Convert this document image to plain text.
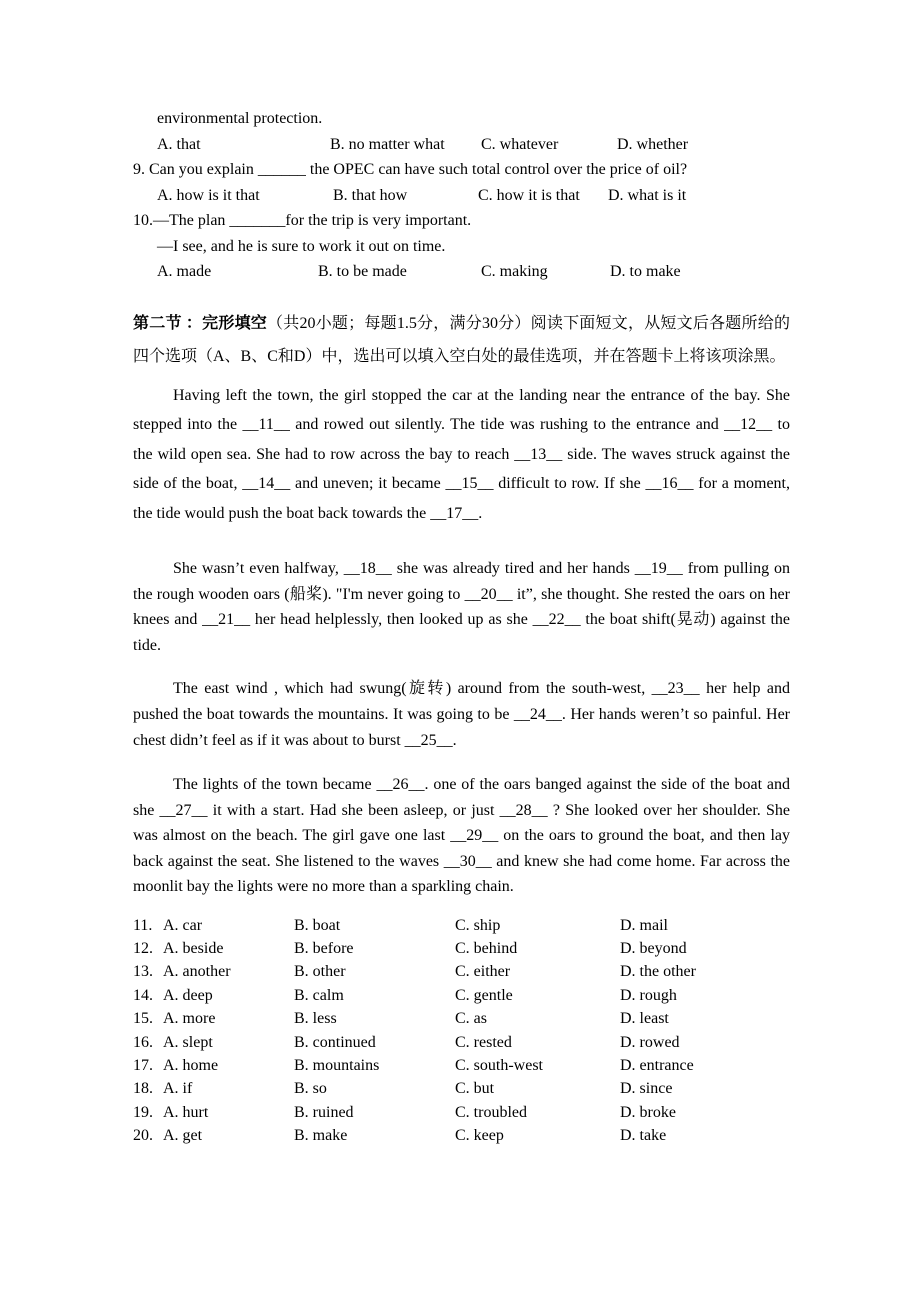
environmental protection.
A. that	B. no matter what	C. whatever	D. whether
9. Can you explain ______ the OPEC can have such total control over the price of oil?
A. how is it that	B. that how	C. how it is that	D. what is it
10.—The plan _______for the trip is very important.
—I see, and he is sure to work it out on time.
A. made	B. to be made	C. making	D. to make

第二节 ：完形填空（共20小题；每题1.5分，满分30分）阅读下面短文，从短文后各题所给的四个选项（A、B、C和D）中，选出可以填入空白处的最佳选项，并在答题卡上将该项涂黑。

Having left the town, the girl stopped the car at the landing near the entrance of the bay. She stepped into the __11__ and rowed out silently. The tide was rushing to the entrance and __12__ to the wild open sea. She had to row across the bay to reach __13__ side. The waves struck against the side of the boat, __14__ and uneven; it became __15__ difficult to row. If she __16__ for a moment, the tide would push the boat back towards the __17__.

She wasn’t even halfway, __18__ she was already tired and her hands __19__ from pulling on the rough wooden oars (船桨). "I'm never going to __20__ it”, she thought. She rested the oars on her knees and __21__ her head helplessly, then looked up as she __22__ the boat shift(晃动) against the tide.

The east wind , which had swung(旋转) around from the south-west, __23__ her help and pushed the boat towards the mountains. It was going to be __24__. Her hands weren’t so painful. Her chest didn’t feel as if it was about to burst __25__.

The lights of the town became __26__. one of the oars banged against the side of the boat and she __27__ it with a start. Had she been asleep, or just __28__ ? She looked over her shoulder. She was almost on the beach. The girl gave one last __29__ on the oars to ground the boat, and then lay back against the seat. She listened to the waves __30__ and knew she had come home. Far across the moonlit bay the lights were no more than a sparkling chain.

11. A. car	B. boat	C. ship	D. mail
12. A. beside	B. before	C. behind	D. beyond
13. A. another	B. other	C. either	D. the other
14. A. deep	B. calm	C. gentle	D. rough
15. A. more	B. less	C. as	D. least
16. A. slept	B. continued	C. rested	D. rowed
17. A. home	B. mountains	C. south-west	D. entrance
18. A. if	B. so	C. but	D. since
19. A. hurt	B. ruined	C. troubled	D. broke
20. A. get	B. make	C. keep	D. take
